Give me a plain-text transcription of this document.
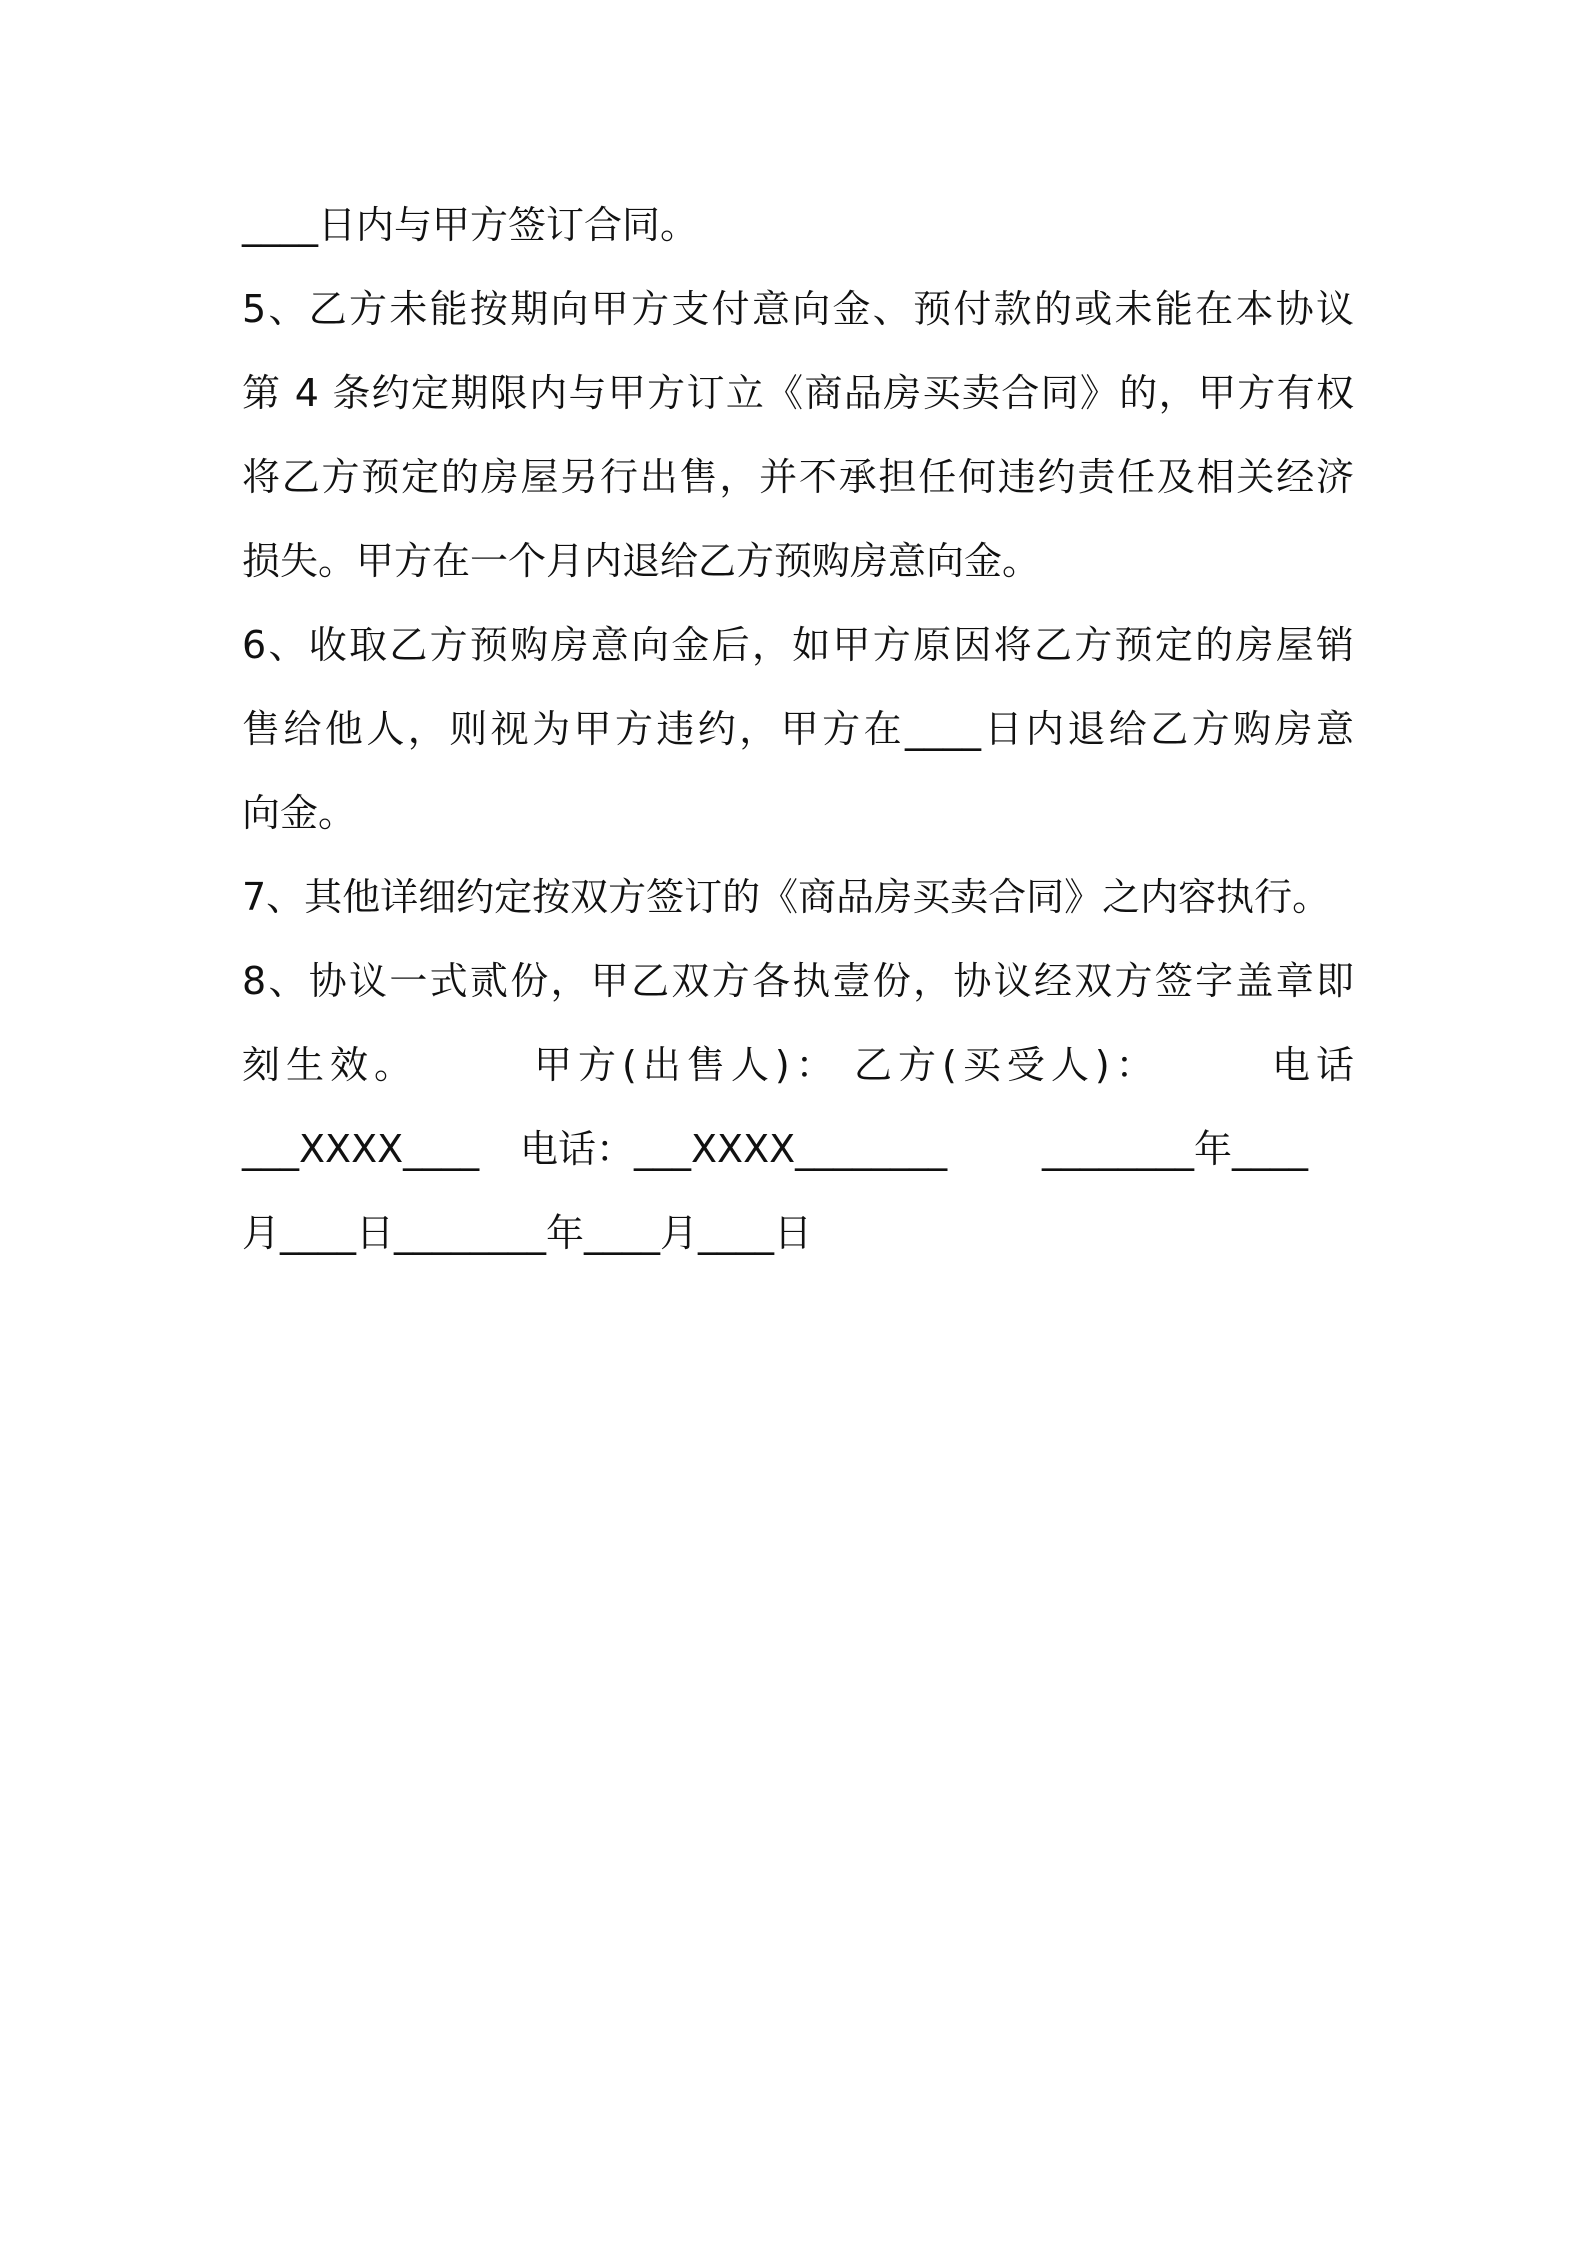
____日内与甲方签订合同。
5、乙方未能按期向甲方支付意向金、预付款的或未能在本协议
第 4 条约定期限内与甲方订立《商品房买卖合同》的，甲方有权
将乙方预定的房屋另行出售，并不承担任何违约责任及相关经济
损失。甲方在一个月内退给乙方预购房意向金。
6、收取乙方预购房意向金后，如甲方原因将乙方预定的房屋销
售给他人，则视为甲方违约，甲方在____日内退给乙方购房意
向金。
7、其他详细约定按双方签订的《商品房买卖合同》之内容执行。
8、协议一式贰份，甲乙双方各执壹份，协议经双方签字盖章即
刻生效。	甲方(出售人)： 乙方(买受人)：	电话
___XXXX____ 电话：___XXXX________ ________年____
月____日________年____月____日
